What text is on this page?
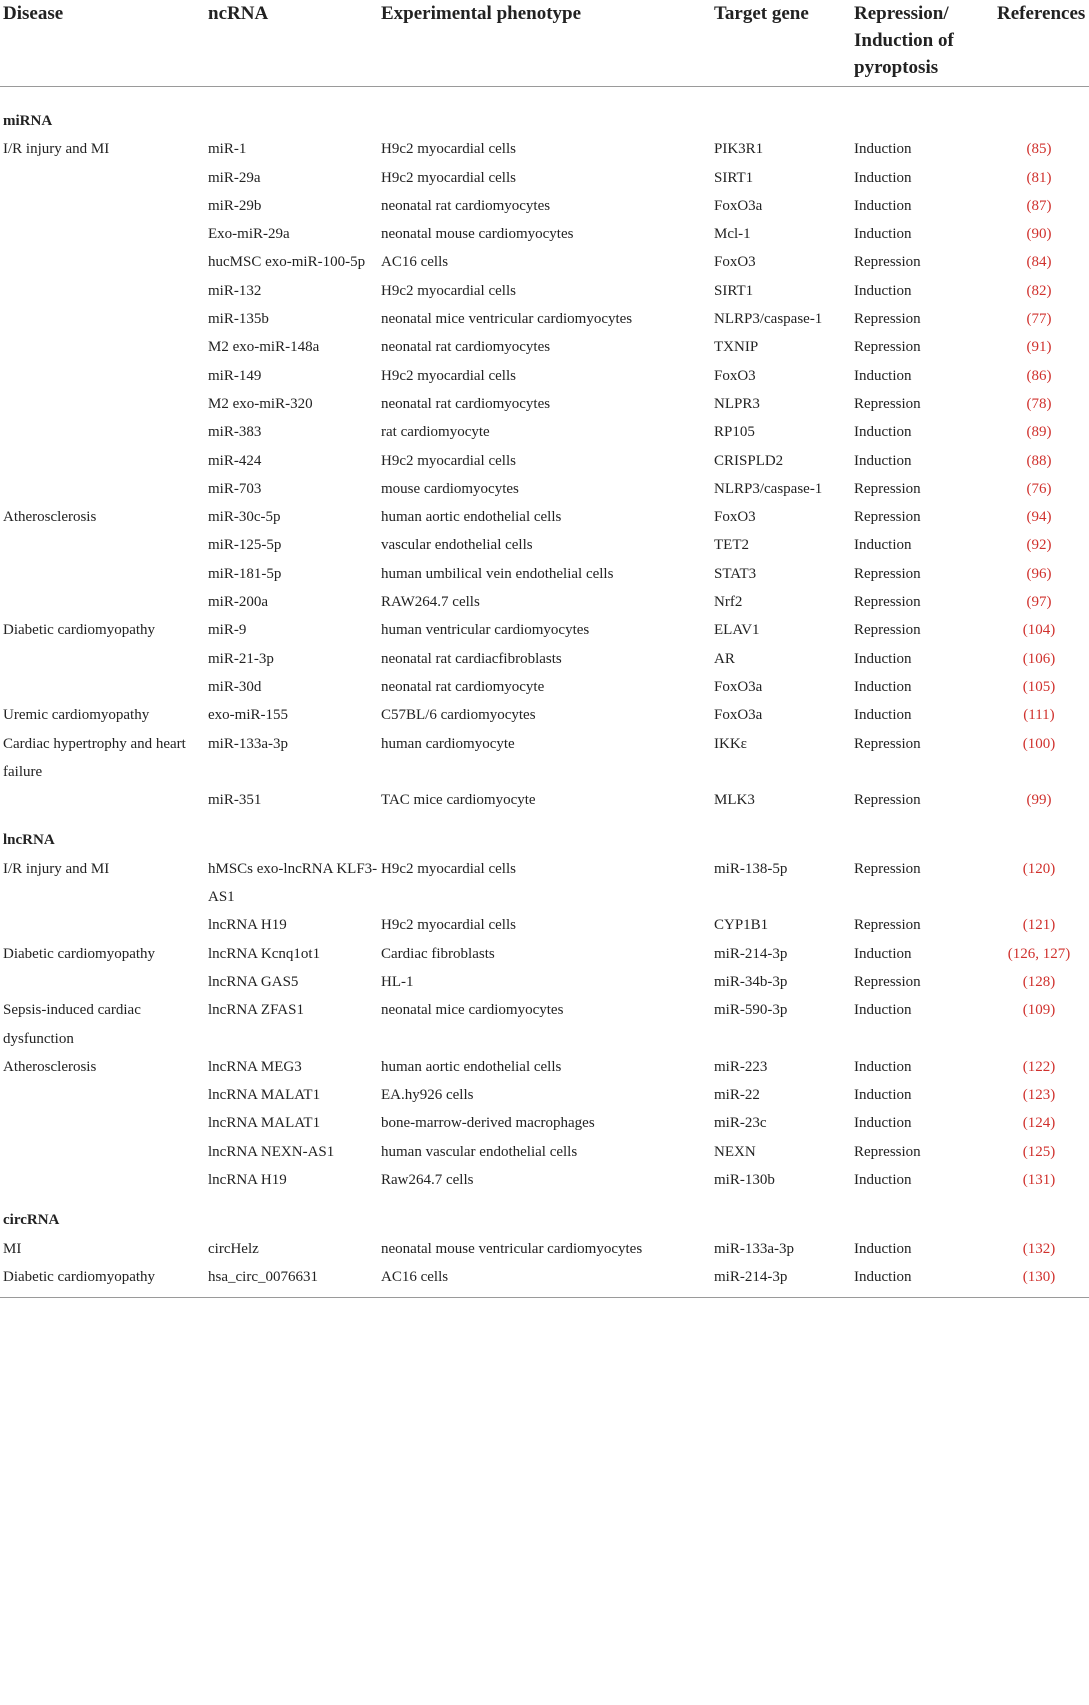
Disease	ncRNA	Experimental phenotype	Target gene	Repression/ Induction of pyroptosis	References
miRNA					
I/R injury and MI	miR-1	H9c2 myocardial cells	PIK3R1	Induction	(85)
	miR-29a	H9c2 myocardial cells	SIRT1	Induction	(81)
	miR-29b	neonatal rat cardiomyocytes	FoxO3a	Induction	(87)
	Exo-miR-29a	neonatal mouse cardiomyocytes	Mcl-1	Induction	(90)
	hucMSC exo-miR-100-5p	AC16 cells	FoxO3	Repression	(84)
	miR-132	H9c2 myocardial cells	SIRT1	Induction	(82)
	miR-135b	neonatal mice ventricular cardiomyocytes	NLRP3/caspase-1	Repression	(77)
	M2 exo-miR-148a	neonatal rat cardiomyocytes	TXNIP	Repression	(91)
	miR-149	H9c2 myocardial cells	FoxO3	Induction	(86)
	M2 exo-miR-320	neonatal rat cardiomyocytes	NLPR3	Repression	(78)
	miR-383	rat cardiomyocyte	RP105	Induction	(89)
	miR-424	H9c2 myocardial cells	CRISPLD2	Induction	(88)
	miR-703	mouse cardiomyocytes	NLRP3/caspase-1	Repression	(76)
Atherosclerosis	miR-30c-5p	human aortic endothelial cells	FoxO3	Repression	(94)
	miR-125-5p	vascular endothelial cells	TET2	Induction	(92)
	miR-181-5p	human umbilical vein endothelial cells	STAT3	Repression	(96)
	miR-200a	RAW264.7 cells	Nrf2	Repression	(97)
Diabetic cardiomyopathy	miR-9	human ventricular cardiomyocytes	ELAV1	Repression	(104)
	miR-21-3p	neonatal rat cardiacfibroblasts	AR	Induction	(106)
	miR-30d	neonatal rat cardiomyocyte	FoxO3a	Induction	(105)
Uremic cardiomyopathy	exo-miR-155	C57BL/6 cardiomyocytes	FoxO3a	Induction	(111)
Cardiac hypertrophy and heart failure	miR-133a-3p	human cardiomyocyte	IKKε	Repression	(100)
	miR-351	TAC mice cardiomyocyte	MLK3	Repression	(99)
lncRNA					
I/R injury and MI	hMSCs exo-lncRNA KLF3-AS1	H9c2 myocardial cells	miR-138-5p	Repression	(120)
	lncRNA H19	H9c2 myocardial cells	CYP1B1	Repression	(121)
Diabetic cardiomyopathy	lncRNA Kcnq1ot1	Cardiac fibroblasts	miR-214-3p	Induction	(126, 127)
	lncRNA GAS5	HL-1	miR-34b-3p	Repression	(128)
Sepsis-induced cardiac dysfunction	lncRNA ZFAS1	neonatal mice cardiomyocytes	miR-590-3p	Induction	(109)
Atherosclerosis	lncRNA MEG3	human aortic endothelial cells	miR-223	Induction	(122)
	lncRNA MALAT1	EA.hy926 cells	miR-22	Induction	(123)
	lncRNA MALAT1	bone-marrow-derived macrophages	miR-23c	Induction	(124)
	lncRNA NEXN-AS1	human vascular endothelial cells	NEXN	Repression	(125)
	lncRNA H19	Raw264.7 cells	miR-130b	Induction	(131)
circRNA					
MI	circHelz	neonatal mouse ventricular cardiomyocytes	miR-133a-3p	Induction	(132)
Diabetic cardiomyopathy	hsa_circ_0076631	AC16 cells	miR-214-3p	Induction	(130)
